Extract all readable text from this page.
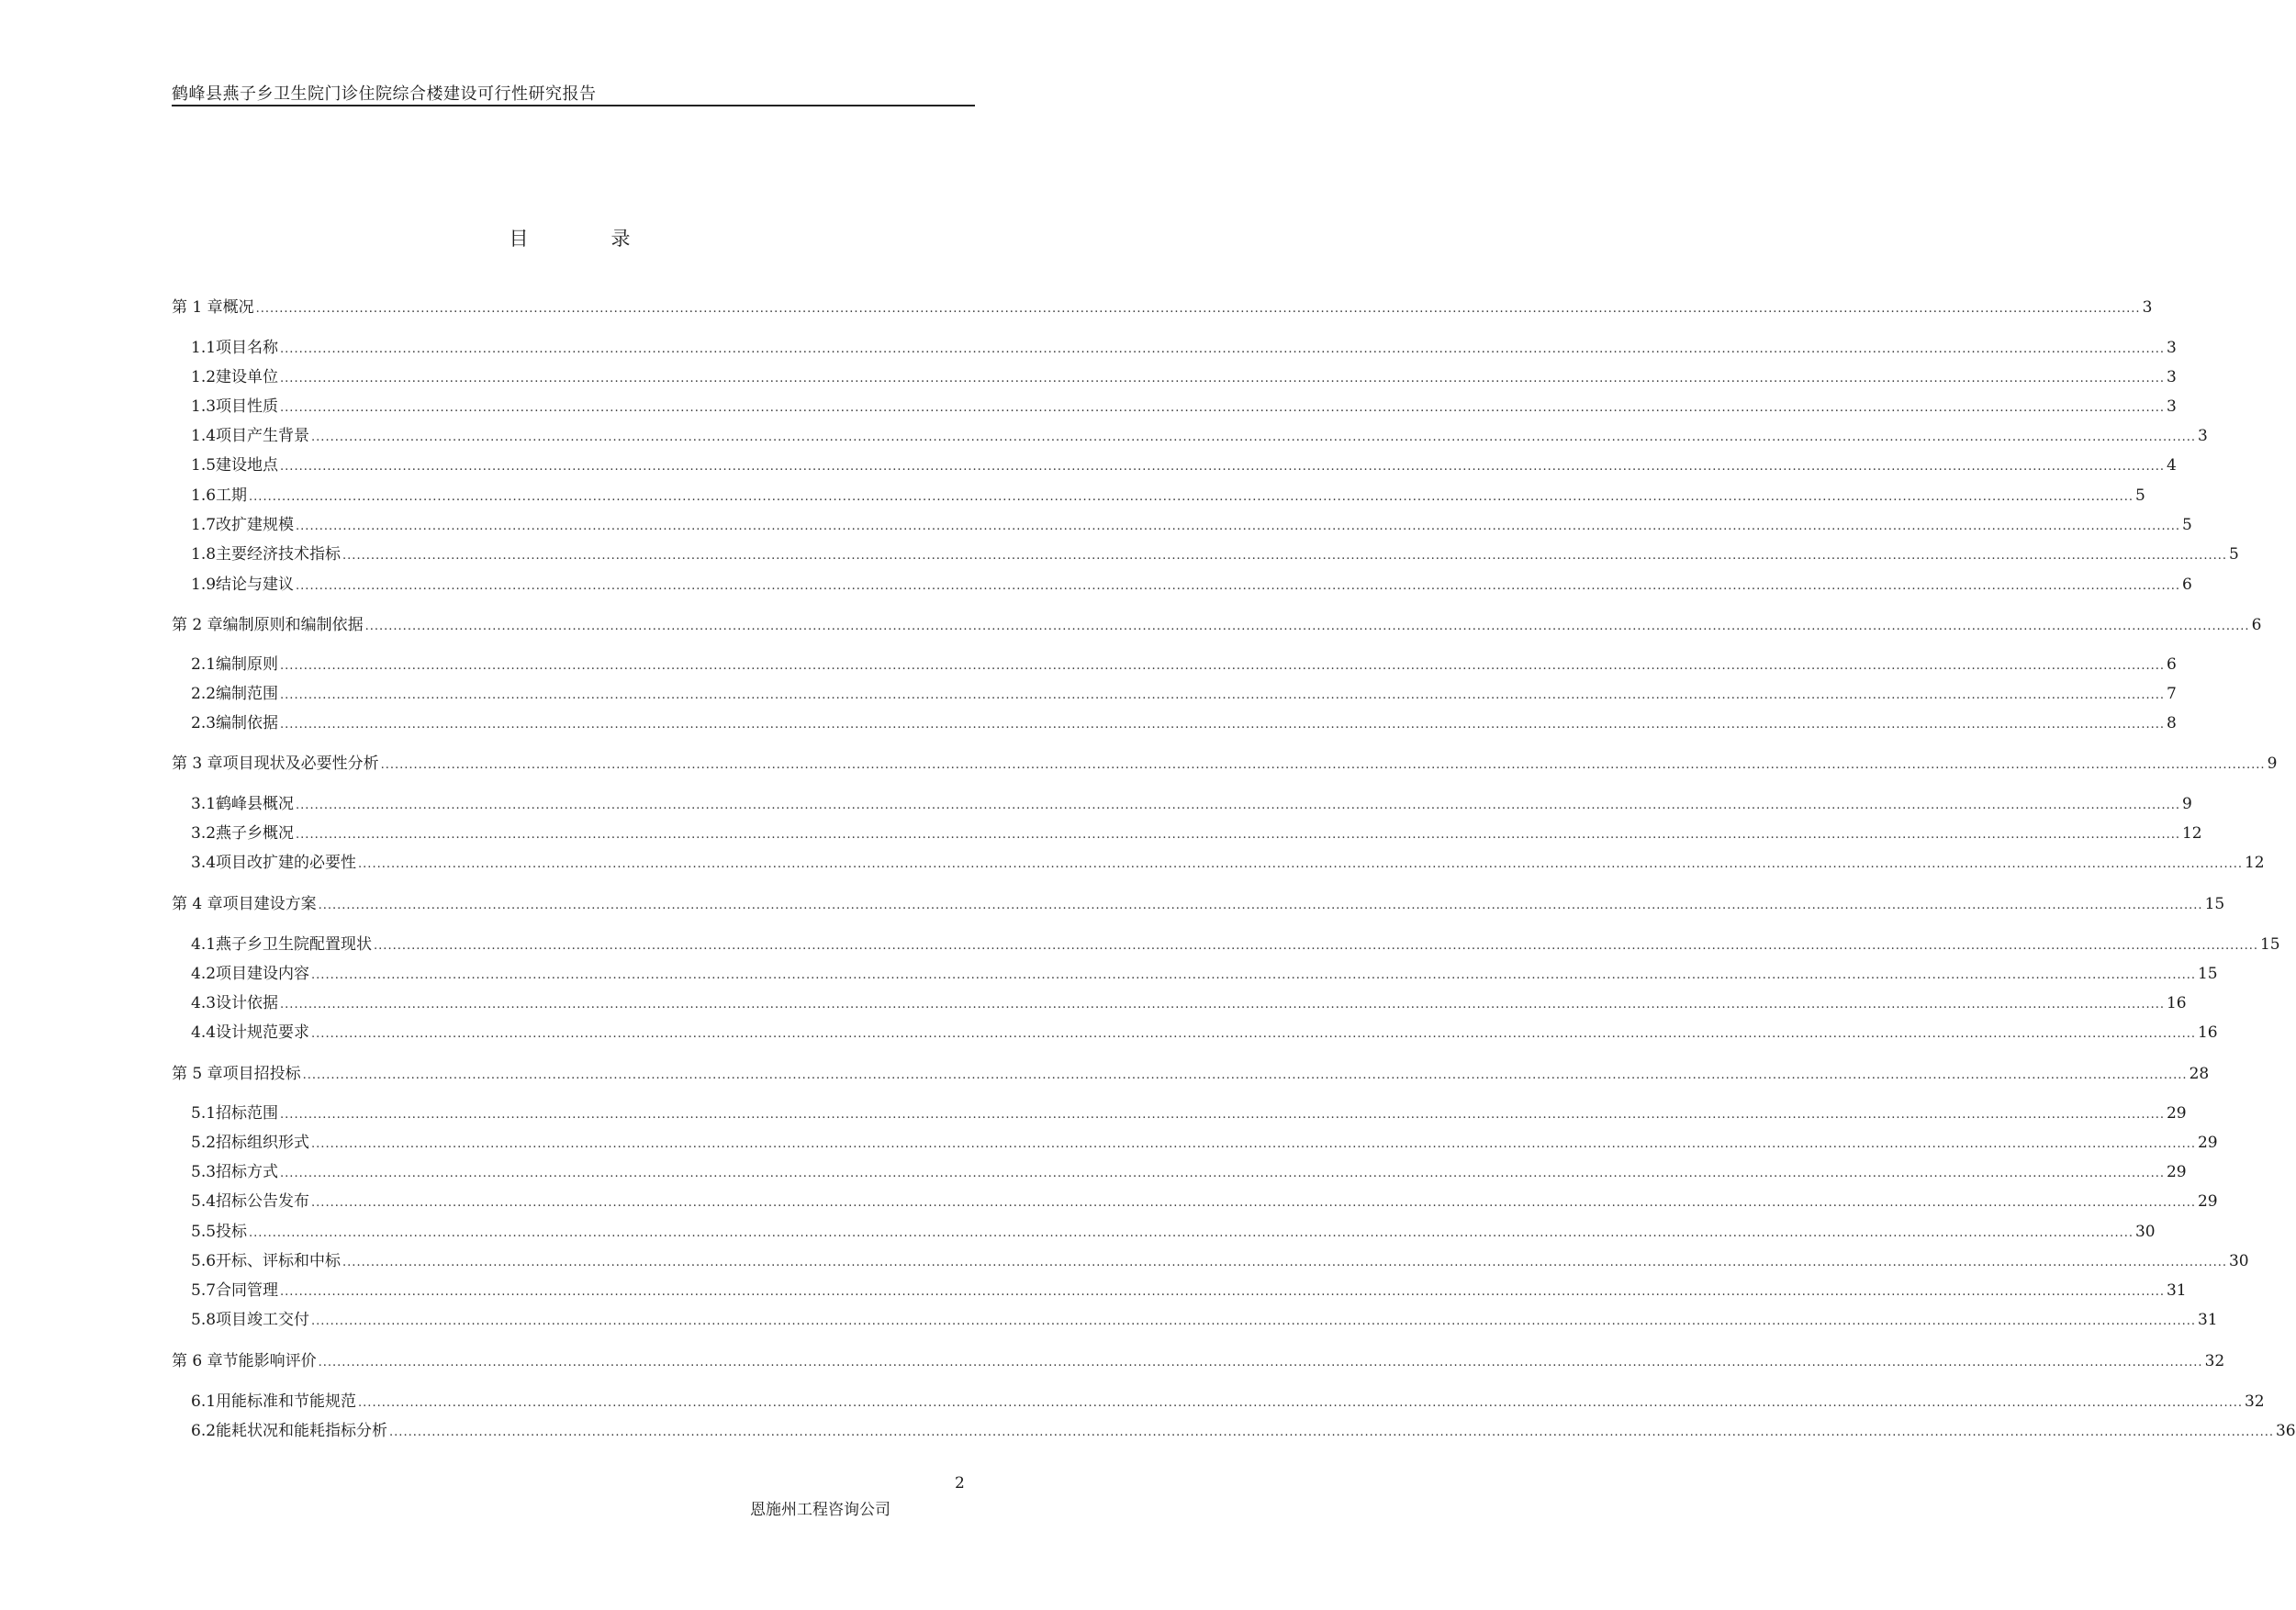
鹤峰县燕子乡卫生院门诊住院综合楼建设可行性研究报告
目	录
第 1 章 概况 ................................................................................................................................................................................................................................................................................................................................................................................................................ 3
1.1 项目名称 ................................................................................................................................................................................................................................................................................................................................................................................................................ 3
1.2 建设单位 ................................................................................................................................................................................................................................................................................................................................................................................................................ 3
1.3 项目性质 ................................................................................................................................................................................................................................................................................................................................................................................................................ 3
1.4 项目产生背景 ................................................................................................................................................................................................................................................................................................................................................................................................................ 3
1.5 建设地点 ................................................................................................................................................................................................................................................................................................................................................................................................................ 4
1.6 工期 ................................................................................................................................................................................................................................................................................................................................................................................................................ 5
1.7 改扩建规模 ................................................................................................................................................................................................................................................................................................................................................................................................................ 5
1.8 主要经济技术指标 ................................................................................................................................................................................................................................................................................................................................................................................................................ 5
1.9 结论与建议 ................................................................................................................................................................................................................................................................................................................................................................................................................ 6
第 2 章 编制原则和编制依据 ................................................................................................................................................................................................................................................................................................................................................................................................................ 6
2.1 编制原则 ................................................................................................................................................................................................................................................................................................................................................................................................................ 6
2.2 编制范围 ................................................................................................................................................................................................................................................................................................................................................................................................................ 7
2.3 编制依据 ................................................................................................................................................................................................................................................................................................................................................................................................................ 8
第 3 章 项目现状及必要性分析 ................................................................................................................................................................................................................................................................................................................................................................................................................ 9
3.1 鹤峰县概况 ................................................................................................................................................................................................................................................................................................................................................................................................................ 9
3.2 燕子乡概况 ................................................................................................................................................................................................................................................................................................................................................................................................................ 12
3.4 项目改扩建的必要性 ................................................................................................................................................................................................................................................................................................................................................................................................................ 12
第 4 章 项目建设方案 ................................................................................................................................................................................................................................................................................................................................................................................................................ 15
4.1 燕子乡卫生院配置现状 ................................................................................................................................................................................................................................................................................................................................................................................................................ 15
4.2 项目建设内容 ................................................................................................................................................................................................................................................................................................................................................................................................................ 15
4.3 设计依据 ................................................................................................................................................................................................................................................................................................................................................................................................................ 16
4.4 设计规范要求 ................................................................................................................................................................................................................................................................................................................................................................................................................ 16
第 5 章 项目招投标 ................................................................................................................................................................................................................................................................................................................................................................................................................ 28
5.1 招标范围 ................................................................................................................................................................................................................................................................................................................................................................................................................ 29
5.2 招标组织形式 ................................................................................................................................................................................................................................................................................................................................................................................................................ 29
5.3 招标方式 ................................................................................................................................................................................................................................................................................................................................................................................................................ 29
5.4 招标公告发布 ................................................................................................................................................................................................................................................................................................................................................................................................................ 29
5.5 投标 ................................................................................................................................................................................................................................................................................................................................................................................................................ 30
5.6 开标、评标和中标 ................................................................................................................................................................................................................................................................................................................................................................................................................ 30
5.7 合同管理 ................................................................................................................................................................................................................................................................................................................................................................................................................ 31
5.8 项目竣工交付 ................................................................................................................................................................................................................................................................................................................................................................................................................ 31
第 6 章 节能影响评价 ................................................................................................................................................................................................................................................................................................................................................................................................................ 32
6.1 用能标准和节能规范 ................................................................................................................................................................................................................................................................................................................................................................................................................ 32
6.2 能耗状况和能耗指标分析 ................................................................................................................................................................................................................................................................................................................................................................................................................ 36
2
恩施州工程咨询公司
